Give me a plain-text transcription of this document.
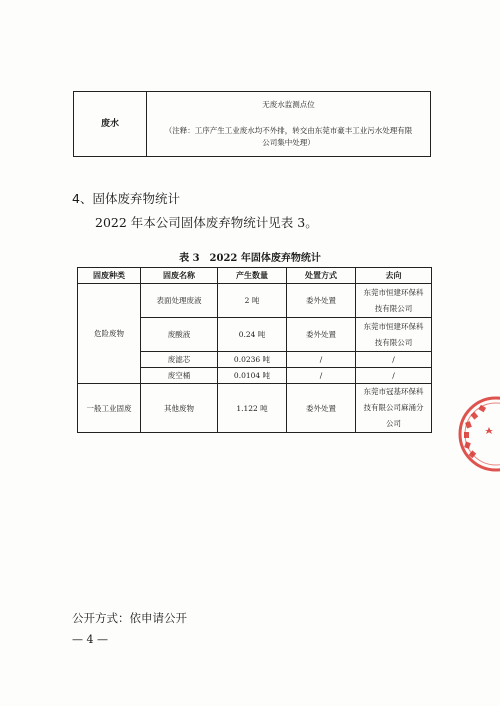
废水	
无废水监测点位
（注释：工序产生工业废水均不外排，转交由东莞市豪丰工业污水处理有限
公司集中处理）
4、固体废弃物统计
2022 年本公司固体废弃物统计见表 3。
表 3　2022 年固体废弃物统计
固废种类	固废名称	产生数量	处置方式	去向
危险废物	表面处理废液	2 吨	委外处置	东莞市恒建环保科
技有限公司
	废酸液	0.24 吨	委外处置	东莞市恒建环保科
技有限公司
	废滤芯	0.0236 吨	/	/
	废空桶	0.0104 吨	/	/
一般工业固废	其他废物	1.122 吨	委外处置	东莞市冠基环保科
技有限公司麻涌分
公司
公开方式：依申请公开
— 4 —
